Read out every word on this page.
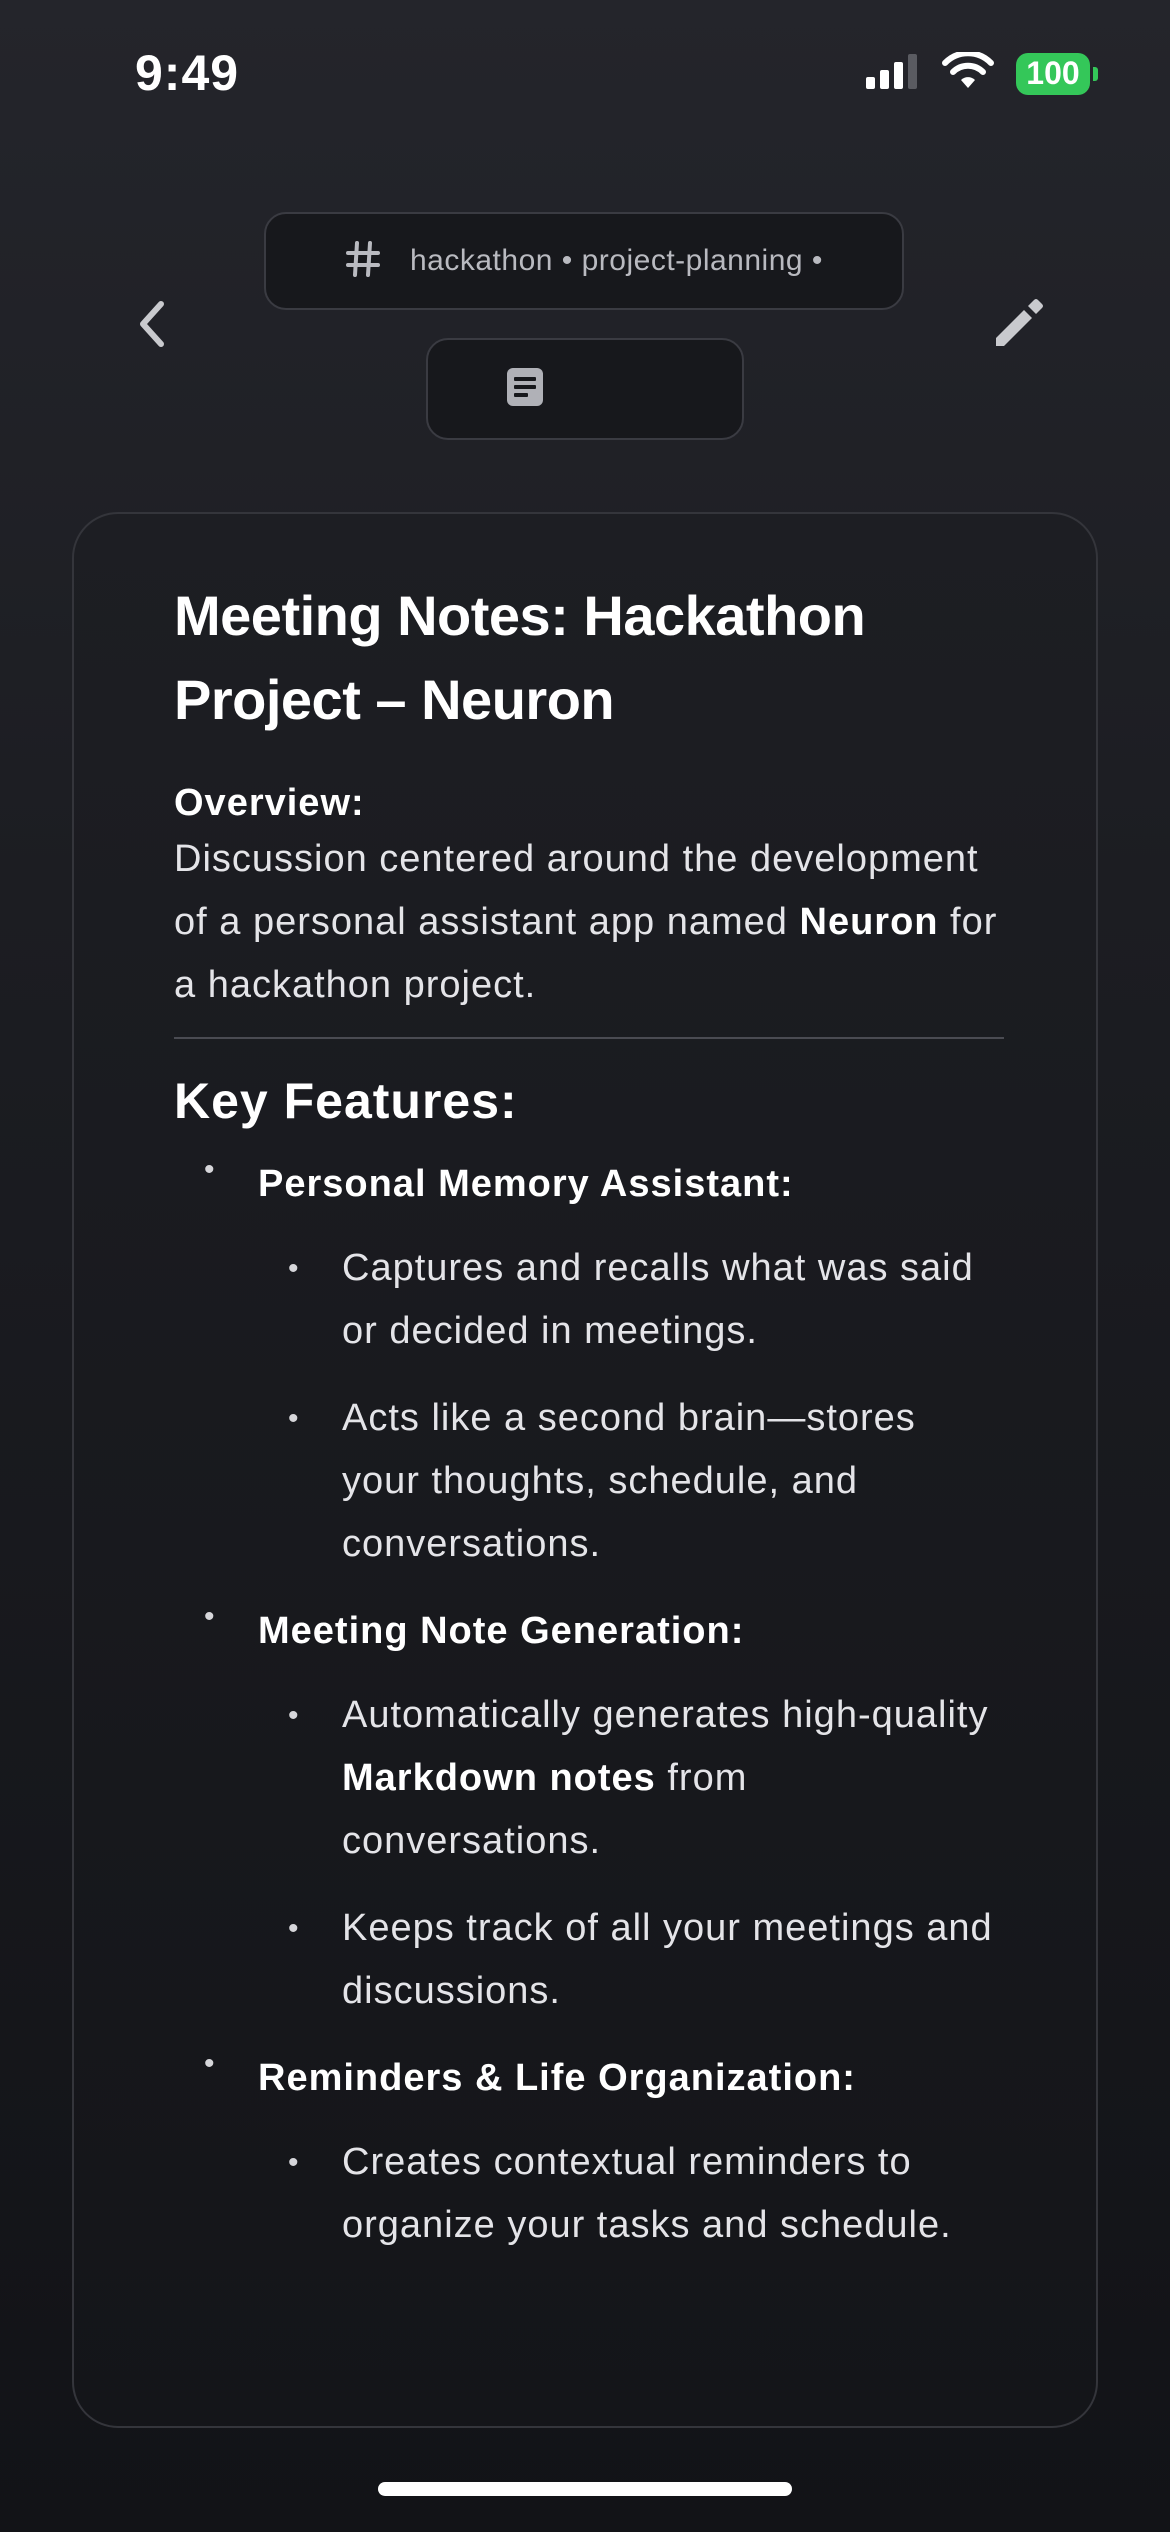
9:49	100
hackathon • project-planning •
Meeting Notes: Hackathon Project – Neuron
Overview:
Discussion centered around the development of a personal assistant app named Neuron for a hackathon project.
Key Features:
• Personal Memory Assistant:
• Captures and recalls what was said or decided in meetings.
• Acts like a second brain—stores your thoughts, schedule, and conversations.
• Meeting Note Generation:
• Automatically generates high-quality Markdown notes from conversations.
• Keeps track of all your meetings and discussions.
• Reminders & Life Organization:
• Creates contextual reminders to organize your tasks and schedule.
